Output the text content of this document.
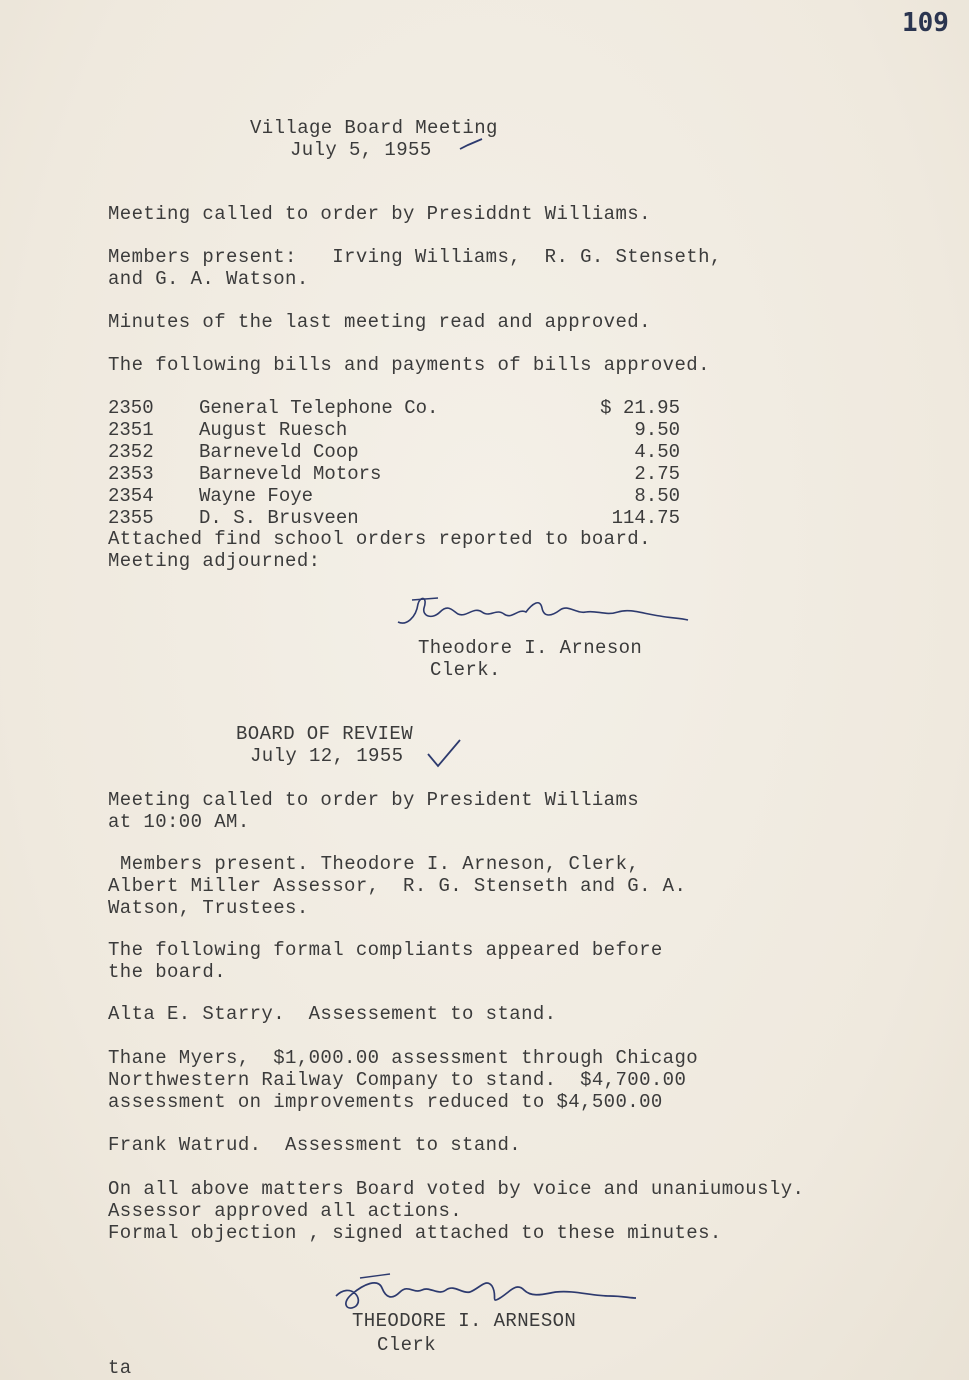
109
Village Board Meeting
July 5, 1955
Meeting called to order by Presiddnt Williams.
Members present:   Irving Williams,  R. G. Stenseth,
and G. A. Watson.
Minutes of the last meeting read and approved.
The following bills and payments of bills approved.
2350 General Telephone Co.	$ 21.95
2351 August Ruesch	9.50
2352 Barneveld Coop	4.50
2353 Barneveld Motors	2.75
2354 Wayne Foye	8.50
2355 D. S. Brusveen	114.75
Attached find school orders reported to board.
Meeting adjourned:
Theodore I. Arneson
Clerk.
BOARD OF REVIEW
July 12, 1955
Meeting called to order by President Williams
at 10:00 AM.
Members present. Theodore I. Arneson, Clerk,
Albert Miller Assessor,  R. G. Stenseth and G. A.
Watson, Trustees.
The following formal compliants appeared before
the board.
Alta E. Starry.  Assessement to stand.
Thane Myers,  $1,000.00 assessment through Chicago
Northwestern Railway Company to stand.  $4,700.00
assessment on improvements reduced to $4,500.00
Frank Watrud.  Assessment to stand.
On all above matters Board voted by voice and unaniumously.
Assessor approved all actions.
Formal objection , signed attached to these minutes.
THEODORE I. ARNESON
Clerk
ta
